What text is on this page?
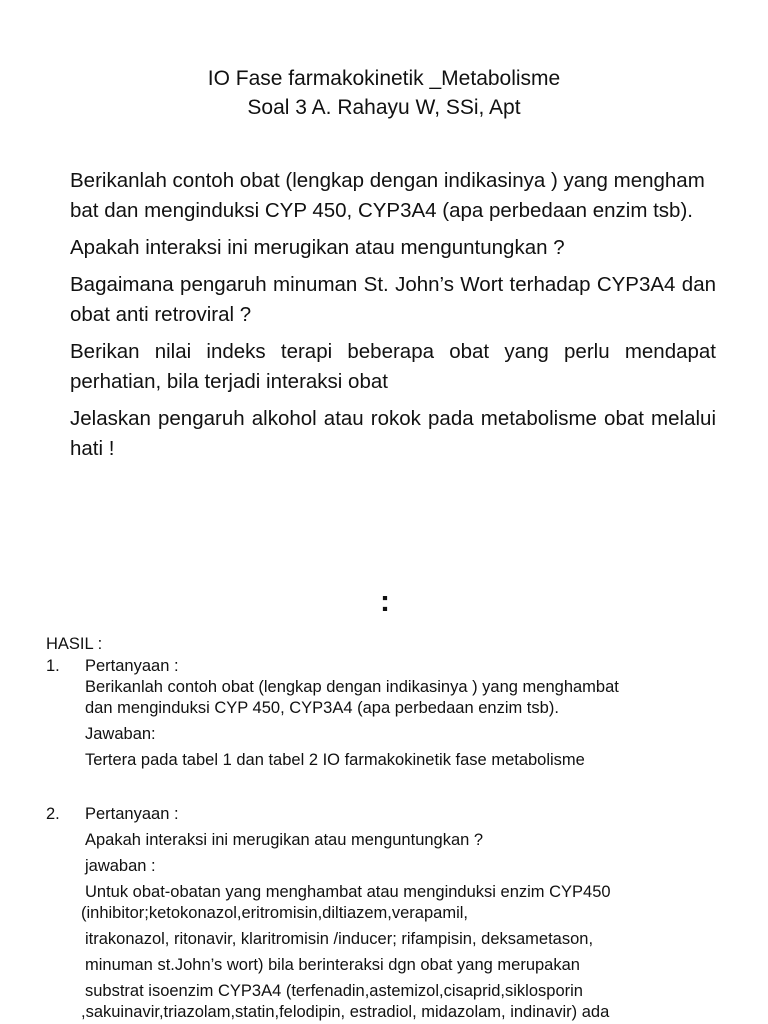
IO Fase farmakokinetik _Metabolisme
Soal 3 A. Rahayu W, SSi, Apt

Berikanlah contoh obat (lengkap dengan indikasinya ) yang menghambat dan menginduksi CYP 450, CYP3A4 (apa perbedaan enzim tsb).

Apakah interaksi ini merugikan atau menguntungkan ?

Bagaimana pengaruh minuman St. John’s Wort terhadap CYP3A4 dan obat anti retroviral ?

Berikan nilai indeks terapi beberapa obat yang perlu mendapat perhatian, bila terjadi interaksi obat

Jelaskan pengaruh alkohol atau rokok pada metabolisme obat melalui hati !

:
HASIL :
1.	Pertanyaan :
Berikanlah contoh obat (lengkap dengan indikasinya ) yang menghambat
dan menginduksi CYP 450, CYP3A4 (apa perbedaan enzim tsb).
Jawaban:
Tertera pada tabel 1 dan tabel 2 IO farmakokinetik fase metabolisme
2.	Pertanyaan :
Apakah interaksi ini merugikan atau menguntungkan ?
jawaban :
Untuk obat-obatan yang menghambat atau menginduksi enzim CYP450
(inhibitor;ketokonazol,eritromisin,diltiazem,verapamil,
itrakonazol, ritonavir, klaritromisin /inducer; rifampisin, deksametason,
minuman st.John’s wort) bila berinteraksi dgn obat yang merupakan
substrat isoenzim CYP3A4 (terfenadin,astemizol,cisaprid,siklosporin
,sakuinavir,triazolam,statin,felodipin, estradiol, midazolam, indinavir) ada
